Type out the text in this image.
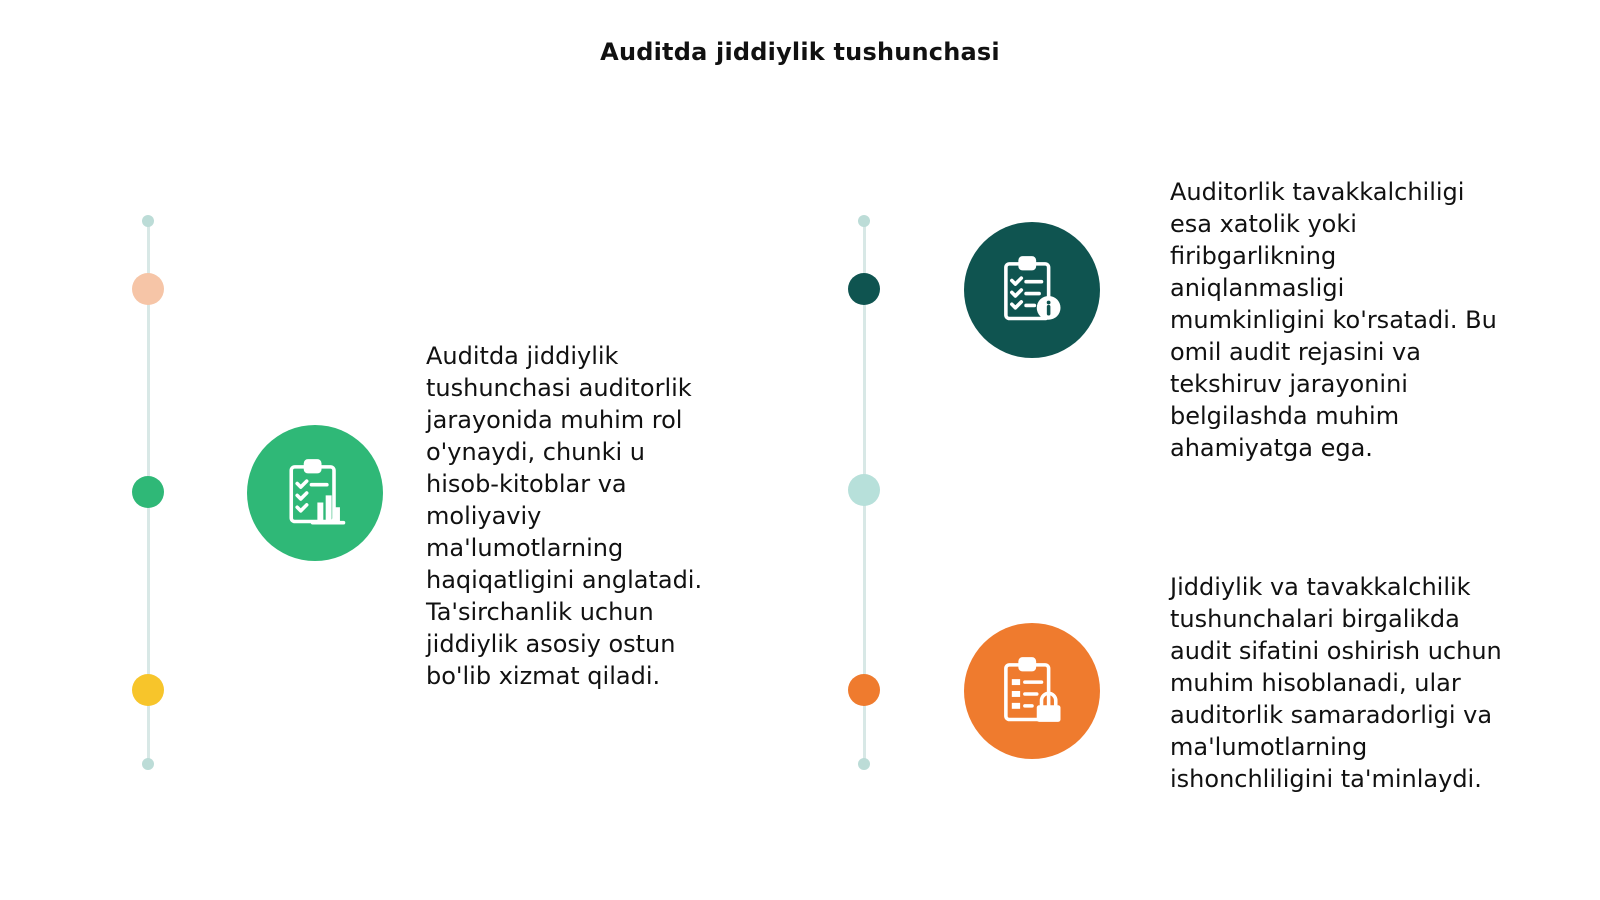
Auditda jiddiylik tushunchasi
Auditda jiddiylik
tushunchasi auditorlik
jarayonida muhim rol
o'ynaydi, chunki u
hisob-kitoblar va
moliyaviy
ma'lumotlarning
haqiqatligini anglatadi.
Ta'sirchanlik uchun
jiddiylik asosiy ostun
bo'lib xizmat qiladi.
Auditorlik tavakkalchiligi
esa xatolik yoki
firibgarlikning
aniqlanmasligi
mumkinligini ko'rsatadi. Bu
omil audit rejasini va
tekshiruv jarayonini
belgilashda muhim
ahamiyatga ega.
Jiddiylik va tavakkalchilik
tushunchalari birgalikda
audit sifatini oshirish uchun
muhim hisoblanadi, ular
auditorlik samaradorligi va
ma'lumotlarning
ishonchliligini ta'minlaydi.
